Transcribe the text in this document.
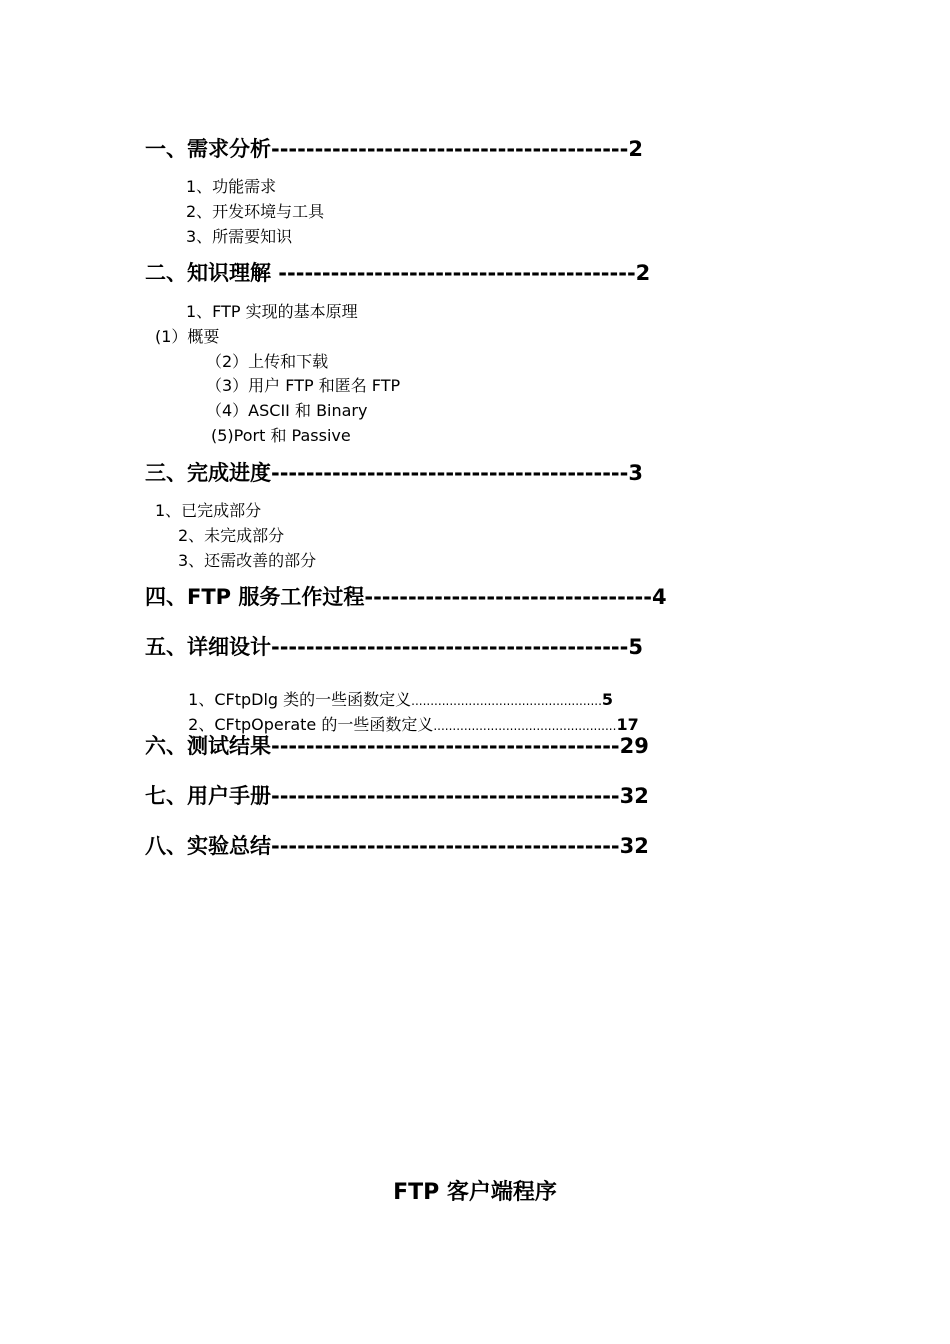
一、需求分析-----------------------------------------2
1、功能需求
2、开发环境与工具
3、所需要知识
二、知识理解 -----------------------------------------2
1、FTP 实现的基本原理
(1）概要
（2）上传和下载
（3）用户 FTP 和匿名 FTP
（4）ASCII 和 Binary
(5)Port 和 Passive
三、完成进度-----------------------------------------3
1、已完成部分
2、未完成部分
3、还需改善的部分
四、FTP 服务工作过程---------------------------------4
五、详细设计-----------------------------------------5

1、CFtpDlg 类的一些函数定义..................................................5

2、CFtpOperate 的一些函数定义................................................17

六、测试结果----------------------------------------29
七、用户手册----------------------------------------32
八、实验总结----------------------------------------32
FTP 客户端程序
